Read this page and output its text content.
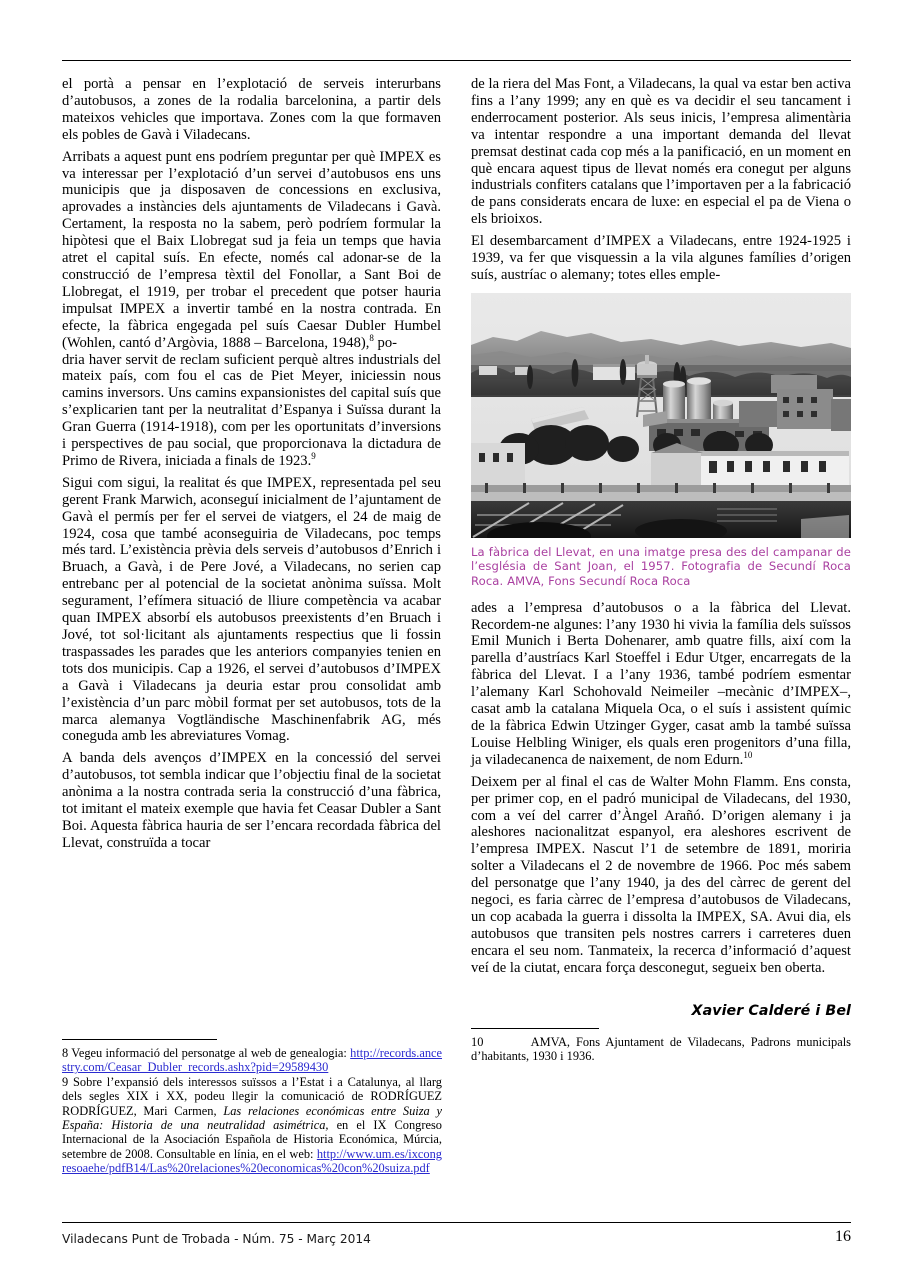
el portà a pensar en l’explotació de serveis interurbans d’autobusos, a zones de la rodalia barcelonina, a partir dels mateixos vehicles que importava. Zones com la que formaven els pobles de Gavà i Viladecans.

Arribats a aquest punt ens podríem preguntar per què IMPEX es va interessar per l’explotació d’un servei d’autobusos ens uns municipis que ja disposaven de concessions en exclusiva, aprovades a instàncies dels ajuntaments de Viladecans i Gavà. Certament, la resposta no la sabem, però podríem formular la hipòtesi que el Baix Llobregat sud ja feia un temps que havia atret el capital suís. En efecte, només cal adonar-se de la construcció de l’empresa tèxtil del Fonollar, a Sant Boi de Llobregat, el 1919, per trobar el precedent que potser hauria impulsat IMPEX a invertir també en la nostra contrada. En efecte, la fàbrica engegada pel suís Caesar Dubler Humbel (Wohlen, cantó d’Argòvia, 1888 – Barcelona, 1948),$^8$ po-

dria haver servit de reclam suficient perquè altres industrials del mateix país, com fou el cas de Piet Meyer, iniciessin nous camins inversors. Uns camins expansionistes del capital suís que s’explicarien tant per la neutralitat d’Espanya i Suïssa durant la Gran Guerra (1914-1918), com per les oportunitats d’inversions i perspectives de pau social, que proporcionava la dictadura de Primo de Rivera, iniciada a finals de 1923.$^9$

Sigui com sigui, la realitat és que IMPEX, representada pel seu gerent Frank Marwich, aconseguí inicialment de l’ajuntament de Gavà el permís per fer el servei de viatgers, el 24 de maig de 1924, cosa que també aconseguiria de Viladecans, poc temps més tard. L’existència prèvia dels serveis d’autobusos d’Enrich i Bruach, a Gavà, i de Pere Jové, a Viladecans, no serien cap entrebanc per al potencial de la societat anònima suïssa. Molt segurament, l’efímera situació de lliure competència va acabar quan IMPEX absorbí els autobusos preexistents d’en Bruach i Jové, tot sol·licitant als ajuntaments respectius que li fossin traspassades les parades que les anteriors companyies tenien en tots dos municipis. Cap a 1926, el servei d’autobusos d’IMPEX a Gavà i Viladecans ja deuria estar prou consolidat amb l’existència d’un parc mòbil format per set autobusos, tots de la marca alemanya Vogtländische Maschinenfabrik AG, més coneguda amb les abreviatures Vomag.

A banda dels avenços d’IMPEX en la concessió del servei d’autobusos, tot sembla indicar que l’objectiu final de la societat anònima a la nostra contrada seria la construcció d’una fàbrica, tot imitant el mateix exemple que havia fet Ceasar Dubler a Sant Boi. Aquesta fàbrica hauria de ser l’encara recordada fàbrica del Llevat, construïda a tocar

8 Vegeu informació del personatge al web de genealogia: http://records.ancestry.com/Ceasar_Dubler_records.ashx?pid=29589430

9 Sobre l’expansió dels interessos suïssos a l’Estat i a Catalunya, al llarg dels segles XIX i XX, podeu llegir la comunicació de RODRÍGUEZ RODRÍGUEZ, Mari Carmen, Las relaciones económicas entre Suiza y España: Historia de una neutralidad asimétrica, en el IX Congreso Internacional de la Asociación Española de Historia Económica, Múrcia, setembre de 2008. Consultable en línia, en el web: http://www.um.es/ixcongresoaehe/pdfB14/Las%20relaciones%20economicas%20con%20suiza.pdf

de la riera del Mas Font, a Viladecans, la qual va estar ben activa fins a l’any 1999; any en què es va decidir el seu tancament i enderrocament posterior. Als seus inicis, l’empresa alimentària va intentar respondre a una important demanda del llevat premsat destinat cada cop més a la panificació, en un moment en què encara aquest tipus de llevat només era conegut per alguns industrials confiters catalans que l’importaven per a la fabricació de pans considerats encara de luxe: en especial el pa de Viena o els brioixos.

El desembarcament d’IMPEX a Viladecans, entre 1924-1925 i 1939, va fer que visquessin a la vila algunes famílies d’origen suís, austríac o alemany; totes elles emple-

La fàbrica del Llevat, en una imatge presa des del campanar de l’església de Sant Joan, el 1957. Fotografia de Secundí Roca Roca. AMVA, Fons Secundí Roca Roca

ades a l’empresa d’autobusos o a la fàbrica del Llevat. Recordem-ne algunes: l’any 1930 hi vivia la família dels suïssos Emil Munich i Berta Dohenarer, amb quatre fills, així com la parella d’austríacs Karl Stoeffel i Edur Utger, encarregats de la fàbrica del Llevat. I a l’any 1936, també podríem esmentar l’alemany Karl Schohovald Neimeiler –mecànic d’IMPEX–, casat amb la catalana Miquela Oca, o el suís i assistent químic de la fàbrica Edwin Utzinger Gyger, casat amb la també suïssa Louise Helbling Winiger, els quals eren progenitors d’una filla, ja viladecanenca de naixement, de nom Edurn.$^{10}$

Deixem per al final el cas de Walter Mohn Flamm. Ens consta, per primer cop, en el padró municipal de Viladecans, del 1930, com a veí del carrer d’Àngel Arañó. D’origen alemany i ja aleshores nacionalitzat espanyol, era aleshores escrivent de l’empresa IMPEX. Nascut l’1 de setembre de 1891, moriria solter a Viladecans el 2 de novembre de 1966. Poc més sabem del personatge que l’any 1940, ja des del càrrec de gerent del negoci, es faria càrrec de l’empresa d’autobusos de Viladecans, un cop acabada la guerra i dissolta la IMPEX, SA. Avui dia, els autobusos que transiten pels nostres carrers i carreteres duen encara el seu nom. Tanmateix, la recerca d’informació d’aquest veí de la ciutat, encara força desconegut, segueix ben oberta.

Xavier Calderé i Bel

10	AMVA, Fons Ajuntament de Viladecans, Padrons municipals d’habitants, 1930 i 1936.

Viladecans Punt de Trobada - Núm. 75 - Març 2014	16
